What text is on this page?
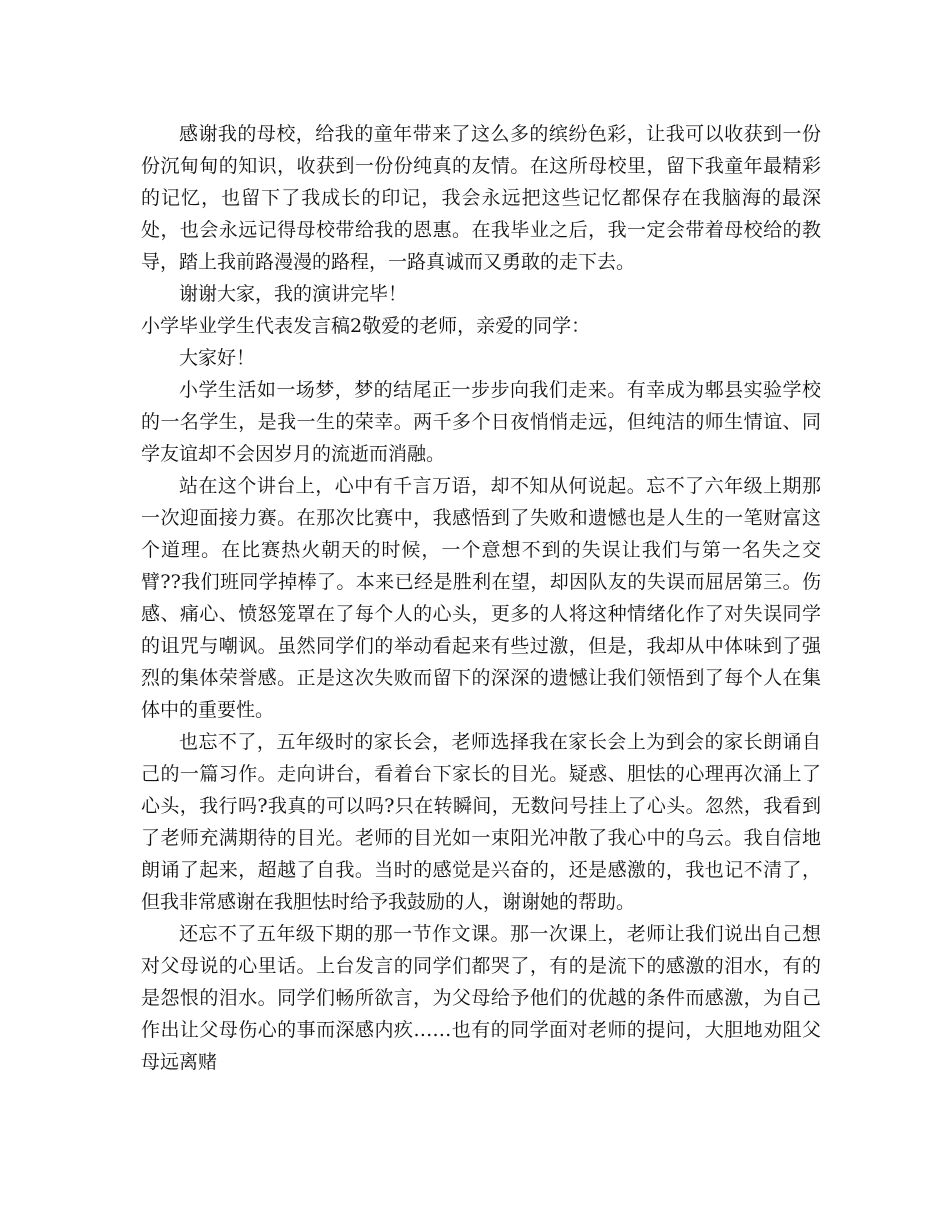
感谢我的母校，给我的童年带来了这么多的缤纷色彩，让我可以收获到一份份沉甸甸的知识，收获到一份份纯真的友情。在这所母校里，留下我童年最精彩的记忆，也留下了我成长的印记，我会永远把这些记忆都保存在我脑海的最深处，也会永远记得母校带给我的恩惠。在我毕业之后，我一定会带着母校给的教导，踏上我前路漫漫的路程，一路真诚而又勇敢的走下去。

谢谢大家，我的演讲完毕！

小学毕业学生代表发言稿2敬爱的老师，亲爱的同学：

大家好！

小学生活如一场梦，梦的结尾正一步步向我们走来。有幸成为郫县实验学校的一名学生，是我一生的荣幸。两千多个日夜悄悄走远，但纯洁的师生情谊、同学友谊却不会因岁月的流逝而消融。

站在这个讲台上，心中有千言万语，却不知从何说起。忘不了六年级上期那一次迎面接力赛。在那次比赛中，我感悟到了失败和遗憾也是人生的一笔财富这个道理。在比赛热火朝天的时候，一个意想不到的失误让我们与第一名失之交臂??我们班同学掉棒了。本来已经是胜利在望，却因队友的失误而屈居第三。伤感、痛心、愤怒笼罩在了每个人的心头，更多的人将这种情绪化作了对失误同学的诅咒与嘲讽。虽然同学们的举动看起来有些过激，但是，我却从中体味到了强烈的集体荣誉感。正是这次失败而留下的深深的遗憾让我们领悟到了每个人在集体中的重要性。

也忘不了，五年级时的家长会，老师选择我在家长会上为到会的家长朗诵自己的一篇习作。走向讲台，看着台下家长的目光。疑惑、胆怯的心理再次涌上了心头，我行吗?我真的可以吗?只在转瞬间，无数问号挂上了心头。忽然，我看到了老师充满期待的目光。老师的目光如一束阳光冲散了我心中的乌云。我自信地朗诵了起来，超越了自我。当时的感觉是兴奋的，还是感激的，我也记不清了，但我非常感谢在我胆怯时给予我鼓励的人，谢谢她的帮助。

还忘不了五年级下期的那一节作文课。那一次课上，老师让我们说出自己想对父母说的心里话。上台发言的同学们都哭了，有的是流下的感激的泪水，有的是怨恨的泪水。同学们畅所欲言，为父母给予他们的优越的条件而感激，为自己作出让父母伤心的事而深感内疚……也有的同学面对老师的提问，大胆地劝阻父母远离赌
